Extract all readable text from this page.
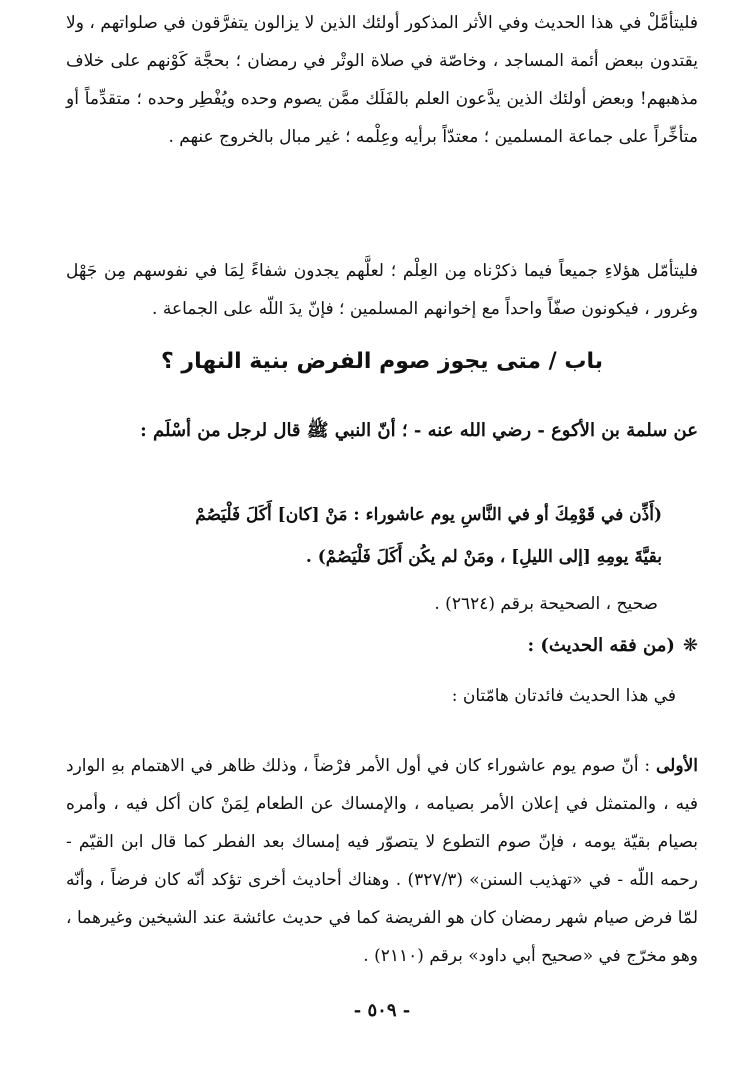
فليتأمَّلْ في هذا الحديث وفي الأثر المذكور أولئك الذين لا يزالون يتفرَّقون في صلواتهم ، ولا يقتدون ببعض أئمة المساجد ، وخاصّة في صلاة الوتْر في رمضان ؛ بحجَّة كَوْنهم على خلاف مذهبهم! وبعض أولئك الذين يدَّعون العلم بالفَلَك ممَّن يصوم وحده ويُفْطِر وحده ؛ متقدِّماً أو متأخِّراً على جماعة المسلمين ؛ معتدّاً برأيه وعِلْمه ؛ غير مبال بالخروج عنهم .

فليتأمّل هؤلاءِ جميعاً فيما ذكرْناه مِن العِلْم ؛ لعلَّهم يجدون شفاءً لِمَا في نفوسهم مِن جَهْل وغرور ، فيكونون صفّاً واحداً مع إخوانهم المسلمين ؛ فإنّ يدَ اللّه على الجماعة .

باب / متى يجوز صوم الفرض بنية النهار ؟

عن سلمة بن الأكوع - رضي الله عنه - ؛ أنّ النبي ﷺ قال لرجل من أسْلَم :

(أَذِّن في قَوْمِكَ أو في النَّاسِ يوم عاشوراء : مَنْ [كان] أَكَلَ فَلْيَصُمْ
بقيَّةَ يومِهِ [إلى الليلِ] ، ومَنْ لم يكُن أَكَلَ فَلْيَصُمْ) .
صحيح ، الصحيحة برقم (٢٦٢٤) .
❋(من فقه الحديث) :
في هذا الحديث فائدتان هامّتان :

الأولى : أنّ صوم يوم عاشوراء كان في أول الأمر فرْضاً ، وذلك ظاهر في الاهتمام بهِ الوارد فيه ، والمتمثل في إعلان الأمر بصيامه ، والإمساك عن الطعام لِمَنْ كان أكل فيه ، وأمره بصيام بقيّة يومه ، فإنّ صوم التطوع لا يتصوّر فيه إمساك بعد الفطر كما قال ابن القيّم - رحمه اللّه - في «تهذيب السنن» (٣٢٧/٣) . وهناك أحاديث أخرى تؤكد أنّه كان فرضاً ، وأنّه لمّا فرض صيام شهر رمضان كان هو الفريضة كما في حديث عائشة عند الشيخين وغيرهما ، وهو مخرّج في «صحيح أبي داود» برقم (٢١١٠) .

- ٥٠٩ -
